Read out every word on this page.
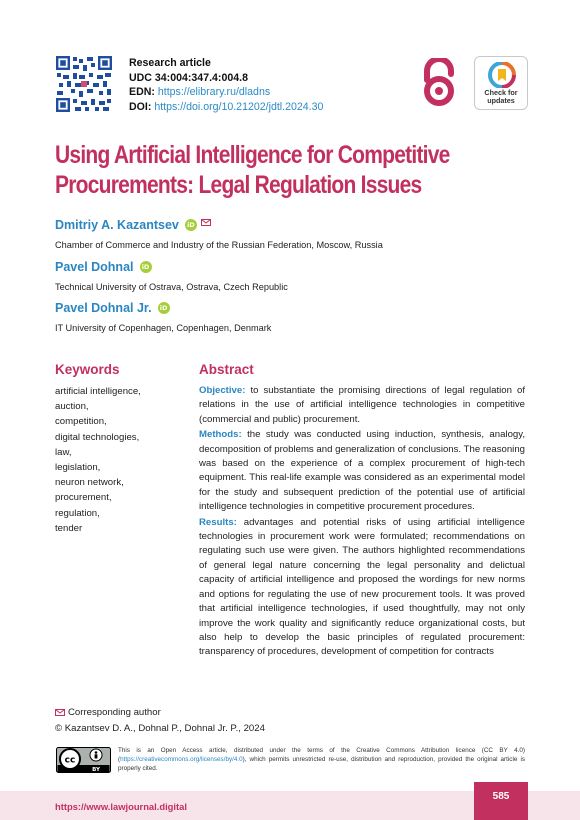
Research article
UDC 34:004:347.4:004.8
EDN: https://elibrary.ru/dladns
DOI: https://doi.org/10.21202/jdtl.2024.30
Check for
updates
Using Artificial Intelligence for Competitive
Procurements: Legal Regulation Issues
Dmitriy A. Kazantsev	iD
Chamber of Commerce and Industry of the Russian Federation, Moscow, Russia
Pavel Dohnal	iD
Technical University of Ostrava, Ostrava, Czech Republic
Pavel Dohnal Jr.	iD
IT University of Copenhagen, Copenhagen, Denmark
Keywords
artificial intelligence,
auction,
competition,
digital technologies,
law,
legislation,
neuron network,
procurement,
regulation,
tender
Abstract

Objective: to substantiate the promising directions of legal regulation of relations in the use of artificial intelligence technologies in competitive (commercial and public) procurement.

Methods: the study was conducted using induction, synthesis, analogy, decomposition of problems and generalization of conclusions. The reasoning was based on the experience of a complex procurement of high-tech equipment. This real-life example was considered as an experimental model for the study and subsequent prediction of the potential use of artificial intelligence technologies in competitive procurement procedures.

Results: advantages and potential risks of using artificial intelligence technologies in procurement work were formulated; recommendations on regulating such use were given. The authors highlighted recommendations of general legal nature concerning the legal personality and delictual capacity of artificial intelligence and proposed the wordings for new norms and options for regulating the use of new procurement tools. It was proved that artificial intelligence technologies, if used thoughtfully, may not only improve the work quality and significantly reduce organizational costs, but also help to develop the basic principles of regulated procurement: transparency of procedures, development of competition for contracts

Corresponding author
© Kazantsev D. A., Dohnal P., Dohnal Jr. P., 2024
cc
BY
This is an Open Access article, distributed under the terms of the Creative Commons Attribution licence (CC BY 4.0) (https://creativecommons.org/licenses/by/4.0), which permits unrestricted re-use, distribution and reproduction, provided the original article is properly cited.
https://www.lawjournal.digital
585
